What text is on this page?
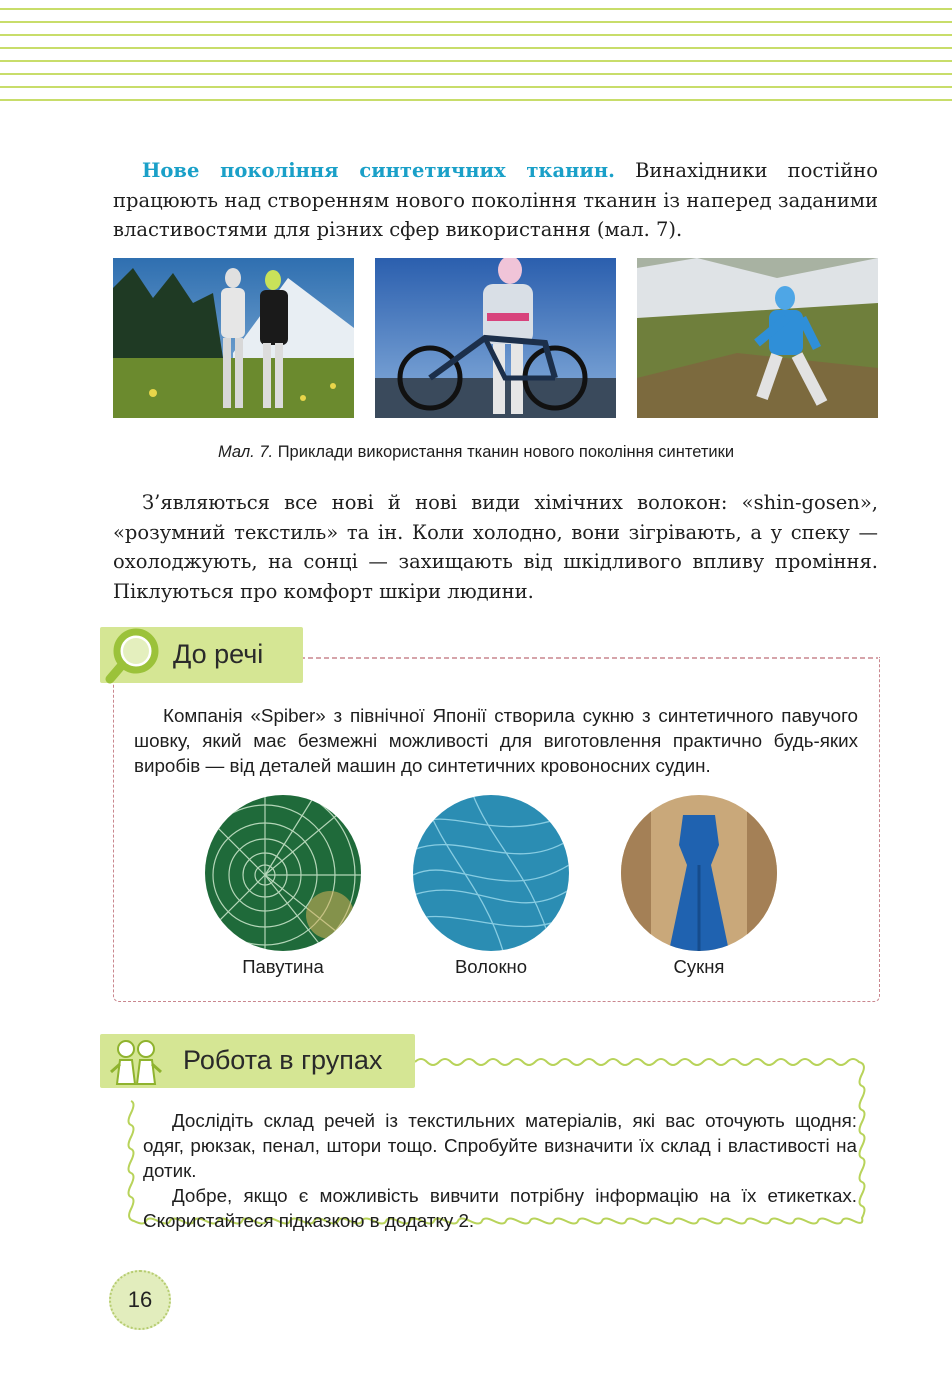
Нове покоління синтетичних тканин. Винахідники постійно працюють над створенням нового покоління тканин із наперед заданими властивостями для різних сфер використання (мал. 7).

Мал. 7. Приклади використання тканин нового покоління синтетики

З’являються все нові й нові види хімічних волокон: «shin-gosen», «розумний текстиль» та ін. Коли холодно, вони зігрівають, а у спеку — охолоджують, на сонці — захищають від шкідливого впливу проміння. Піклуються про комфорт шкіри людини.

До речі

Компанія «Spiber» з північної Японії створила сукню з синтетичного павучого шовку, який має безмежні можливості для виготовлення практично будь-яких виробів — від деталей машин до синтетичних кровоносних судин.

Павутина	Волокно	Сукня
Робота в групах

Дослідіть склад речей із текстильних матеріалів, які вас оточують щодня: одяг, рюкзак, пенал, штори тощо. Спробуйте визначити їх склад і властивості на дотик.

Добре, якщо є можливість вивчити потрібну інформацію на їх етикетках. Скористайтеся підказкою в додатку 2.

16
